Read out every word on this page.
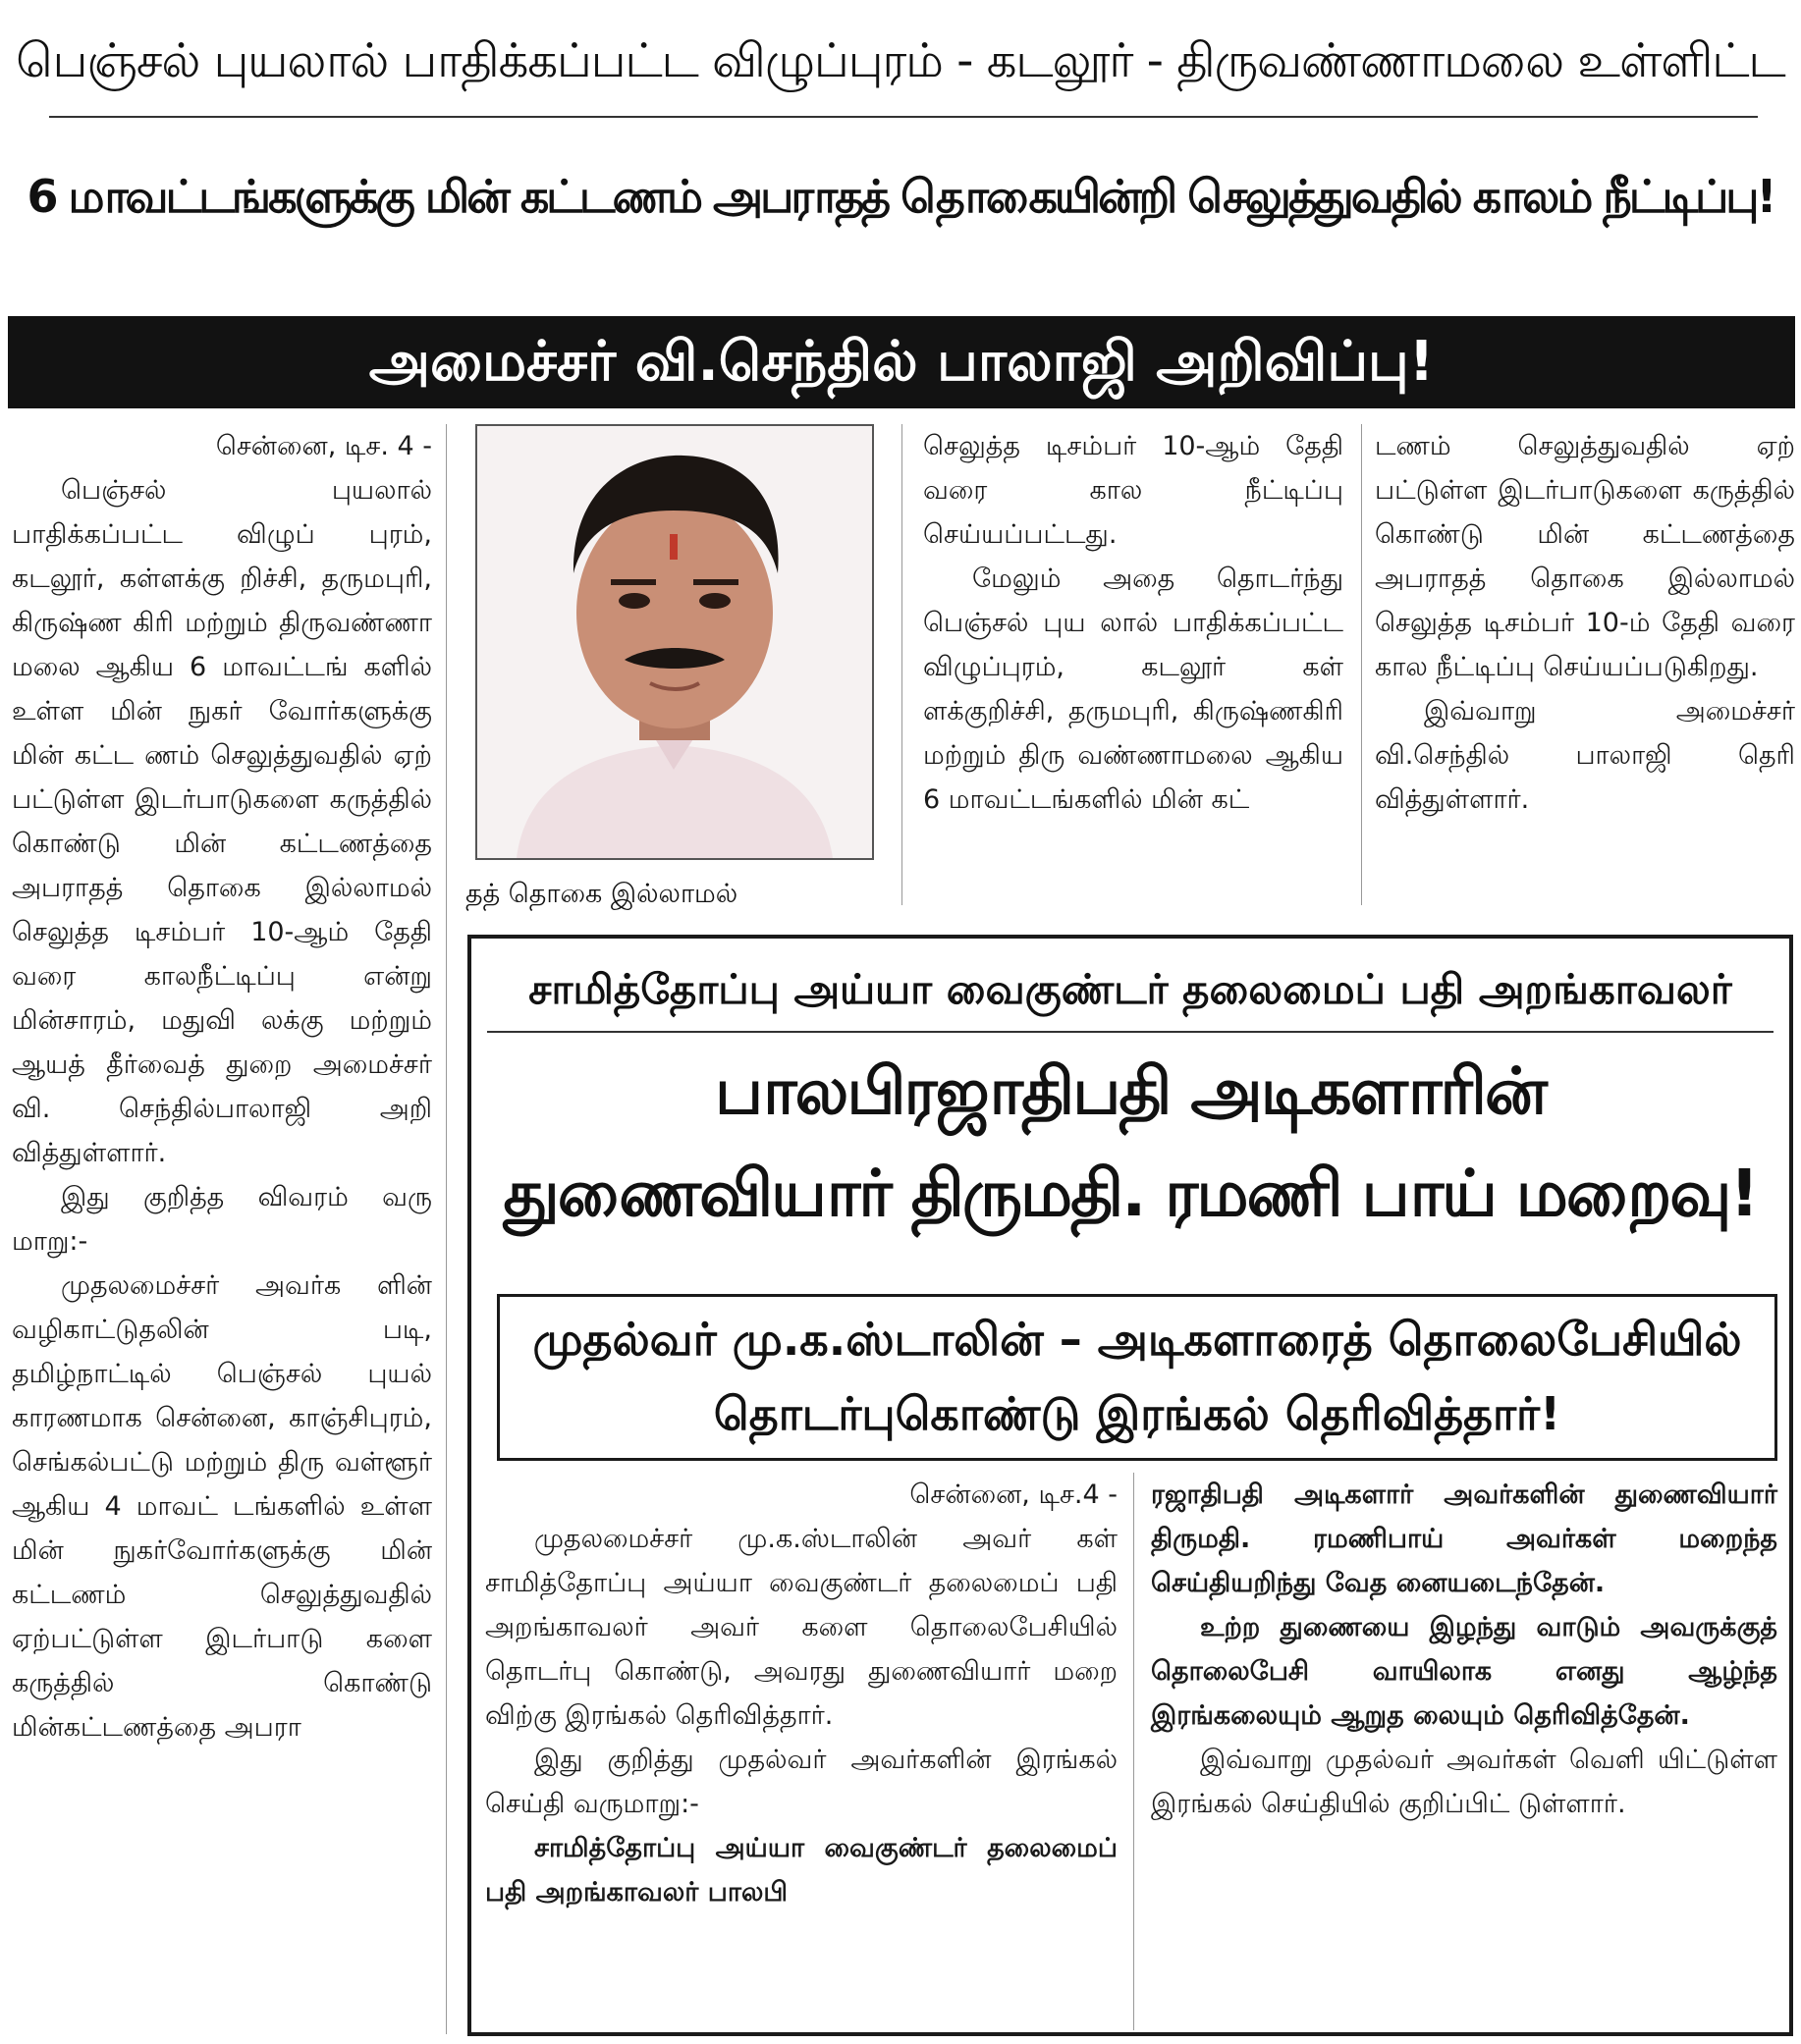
பெஞ்சல் புயலால் பாதிக்கப்பட்ட விழுப்புரம் - கடலூர் - திருவண்ணாமலை உள்ளிட்ட
6 மாவட்டங்களுக்கு மின் கட்டணம் அபராதத் தொகையின்றி செலுத்துவதில் காலம் நீட்டிப்பு!
அமைச்சர் வி.செந்தில் பாலாஜி அறிவிப்பு!

சென்னை, டிச. 4 -

பெஞ்சல் புயலால் பாதிக்கப்பட்ட விழுப் புரம், கடலூர், கள்ளக்கு றிச்சி, தருமபுரி, கிருஷ்ண கிரி மற்றும் திருவண்ணா மலை ஆகிய 6 மாவட்டங் களில் உள்ள மின் நுகர் வோர்களுக்கு மின் கட்ட ணம் செலுத்துவதில் ஏற் பட்டுள்ள இடர்பாடுகளை கருத்தில் கொண்டு மின் கட்டணத்தை அபராதத் தொகை இல்லாமல் செலுத்த டிசம்பர் 10-ஆம் தேதி வரை காலநீட்டிப்பு என்று மின்சாரம், மதுவி லக்கு மற்றும் ஆயத் தீர்வைத் துறை அமைச்சர் வி. செந்தில்பாலாஜி அறி வித்துள்ளார்.

இது குறித்த விவரம் வரு மாறு:-

முதலமைச்சர் அவர்க ளின் வழிகாட்டுதலின் படி, தமிழ்நாட்டில் பெஞ்சல் புயல் காரணமாக சென்னை, காஞ்சிபுரம், செங்கல்பட்டு மற்றும் திரு வள்ளூர் ஆகிய 4 மாவட் டங்களில் உள்ள மின் நுகர்வோர்களுக்கு மின் கட்டணம் செலுத்துவதில் ஏற்பட்டுள்ள இடர்பாடு களை கருத்தில் கொண்டு மின்கட்டணத்தை அபரா

தத் தொகை இல்லாமல்

செலுத்த டிசம்பர் 10-ஆம் தேதி வரை கால நீட்டிப்பு செய்யப்பட்டது.

மேலும் அதை தொடர்ந்து பெஞ்சல் புய லால் பாதிக்கப்பட்ட விழுப்புரம், கடலூர் கள் ளக்குறிச்சி, தருமபுரி, கிருஷ்ணகிரி மற்றும் திரு வண்ணாமலை ஆகிய 6 மாவட்டங்களில் மின் கட்

டணம் செலுத்துவதில் ஏற் பட்டுள்ள இடர்பாடுகளை கருத்தில் கொண்டு மின் கட்டணத்தை அபராதத் தொகை இல்லாமல் செலுத்த டிசம்பர் 10-ம் தேதி வரை கால நீட்டிப்பு செய்யப்படுகிறது.

இவ்வாறு அமைச்சர் வி.செந்தில் பாலாஜி தெரி வித்துள்ளார்.

சாமித்தோப்பு அய்யா வைகுண்டர் தலைமைப் பதி அறங்காவலர்
பாலபிரஜாதிபதி அடிகளாரின்
துணைவியார் திருமதி. ரமணி பாய் மறைவு!
முதல்வர் மு.க.ஸ்டாலின் – அடிகளாரைத் தொலைபேசியில்
தொடர்புகொண்டு இரங்கல் தெரிவித்தார்!

சென்னை, டிச.4 -

முதலமைச்சர் மு.க.ஸ்டாலின் அவர் கள் சாமித்தோப்பு அய்யா வைகுண்டர் தலைமைப் பதி அறங்காவலர் அவர் களை தொலைபேசியில் தொடர்பு கொண்டு, அவரது துணைவியார் மறை விற்கு இரங்கல் தெரிவித்தார்.

இது குறித்து முதல்வர் அவர்களின் இரங்கல் செய்தி வருமாறு:-

சாமித்தோப்பு அய்யா வைகுண்டர் தலைமைப் பதி அறங்காவலர் பாலபி

ரஜாதிபதி அடிகளார் அவர்களின் துணைவியார் திருமதி. ரமணிபாய் அவர்கள் மறைந்த செய்தியறிந்து வேத னையடைந்தேன்.

உற்ற துணையை இழந்து வாடும் அவருக்குத் தொலைபேசி வாயிலாக எனது ஆழ்ந்த இரங்கலையும் ஆறுத லையும் தெரிவித்தேன்.

இவ்வாறு முதல்வர் அவர்கள் வெளி யிட்டுள்ள இரங்கல் செய்தியில் குறிப்பிட் டுள்ளார்.
